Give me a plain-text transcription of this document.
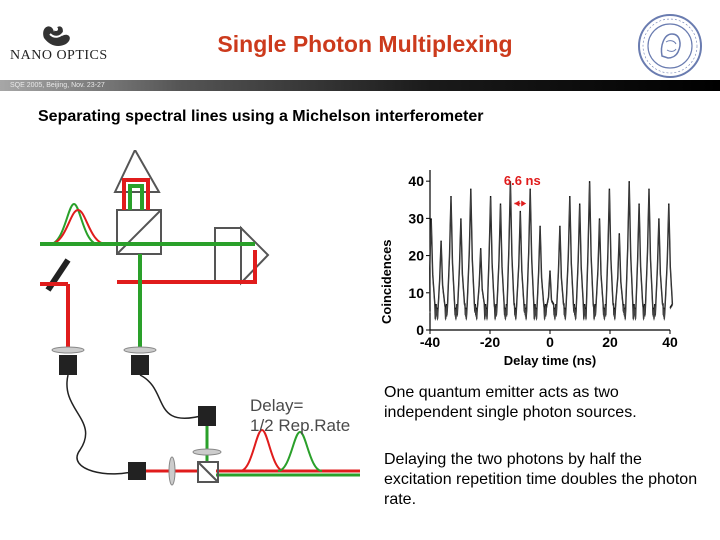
NANO OPTICS	Single Photon Multiplexing
SQE 2005, Beijing, Nov. 23-27
Separating spectral lines using a Michelson interferometer
Delay=
1/2 Rep.Rate
0
10
20
30
40
-40	-20	0	20	40
Delay time (ns)
Coincidences
6.6 ns
One quantum emitter acts as two independent single photon sources.
Delaying the two photons by half the excitation repetition time doubles the photon rate.
